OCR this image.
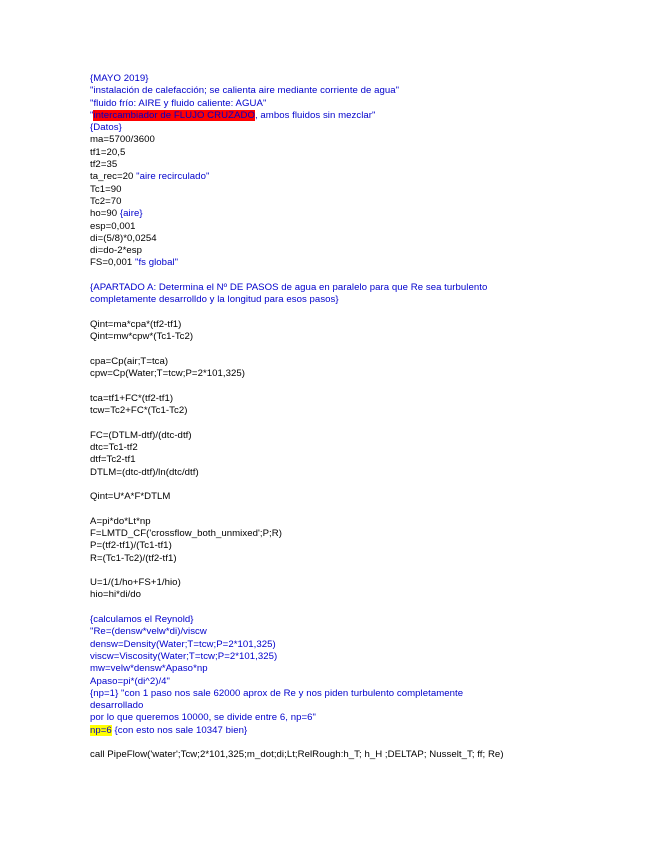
{MAYO 2019}
"instalación de calefacción; se calienta aire mediante corriente de agua"
"fluido frío: AIRE y fluido caliente: AGUA"
"intercambiador de FLUJO CRUZADO, ambos fluidos sin mezclar"
{Datos}
ma=5700/3600
tf1=20,5
tf2=35
ta_rec=20 "aire recirculado"
Tc1=90
Tc2=70
ho=90 {aire}
esp=0,001
di=(5/8)*0,0254
di=do-2*esp
FS=0,001 "fs global"
{APARTADO A: Determina el Nº DE PASOS de agua en paralelo para que Re sea turbulento
completamente desarrolldo y la longitud para esos pasos}
Qint=ma*cpa*(tf2-tf1)
Qint=mw*cpw*(Tc1-Tc2)
cpa=Cp(air;T=tca)
cpw=Cp(Water;T=tcw;P=2*101,325)
tca=tf1+FC*(tf2-tf1)
tcw=Tc2+FC*(Tc1-Tc2)
FC=(DTLM-dtf)/(dtc-dtf)
dtc=Tc1-tf2
dtf=Tc2-tf1
DTLM=(dtc-dtf)/ln(dtc/dtf)
Qint=U*A*F*DTLM
A=pi*do*Lt*np
F=LMTD_CF('crossflow_both_unmixed';P;R)
P=(tf2-tf1)/(Tc1-tf1)
R=(Tc1-Tc2)/(tf2-tf1)
U=1/(1/ho+FS+1/hio)
hio=hi*di/do
{calculamos el Reynold}
"Re=(densw*velw*di)/viscw
densw=Density(Water;T=tcw;P=2*101,325)
viscw=Viscosity(Water;T=tcw;P=2*101,325)
mw=velw*densw*Apaso*np
Apaso=pi*(di^2)/4"
{np=1} "con 1 paso nos sale 62000 aprox de Re y nos piden turbulento completamente
desarrollado
por lo que queremos 10000, se divide entre 6, np=6"
np=6 {con esto nos sale 10347 bien}
call PipeFlow('water';Tcw;2*101,325;m_dot;di;Lt;RelRough:h_T; h_H ;DELTAP; Nusselt_T; ff; Re)
